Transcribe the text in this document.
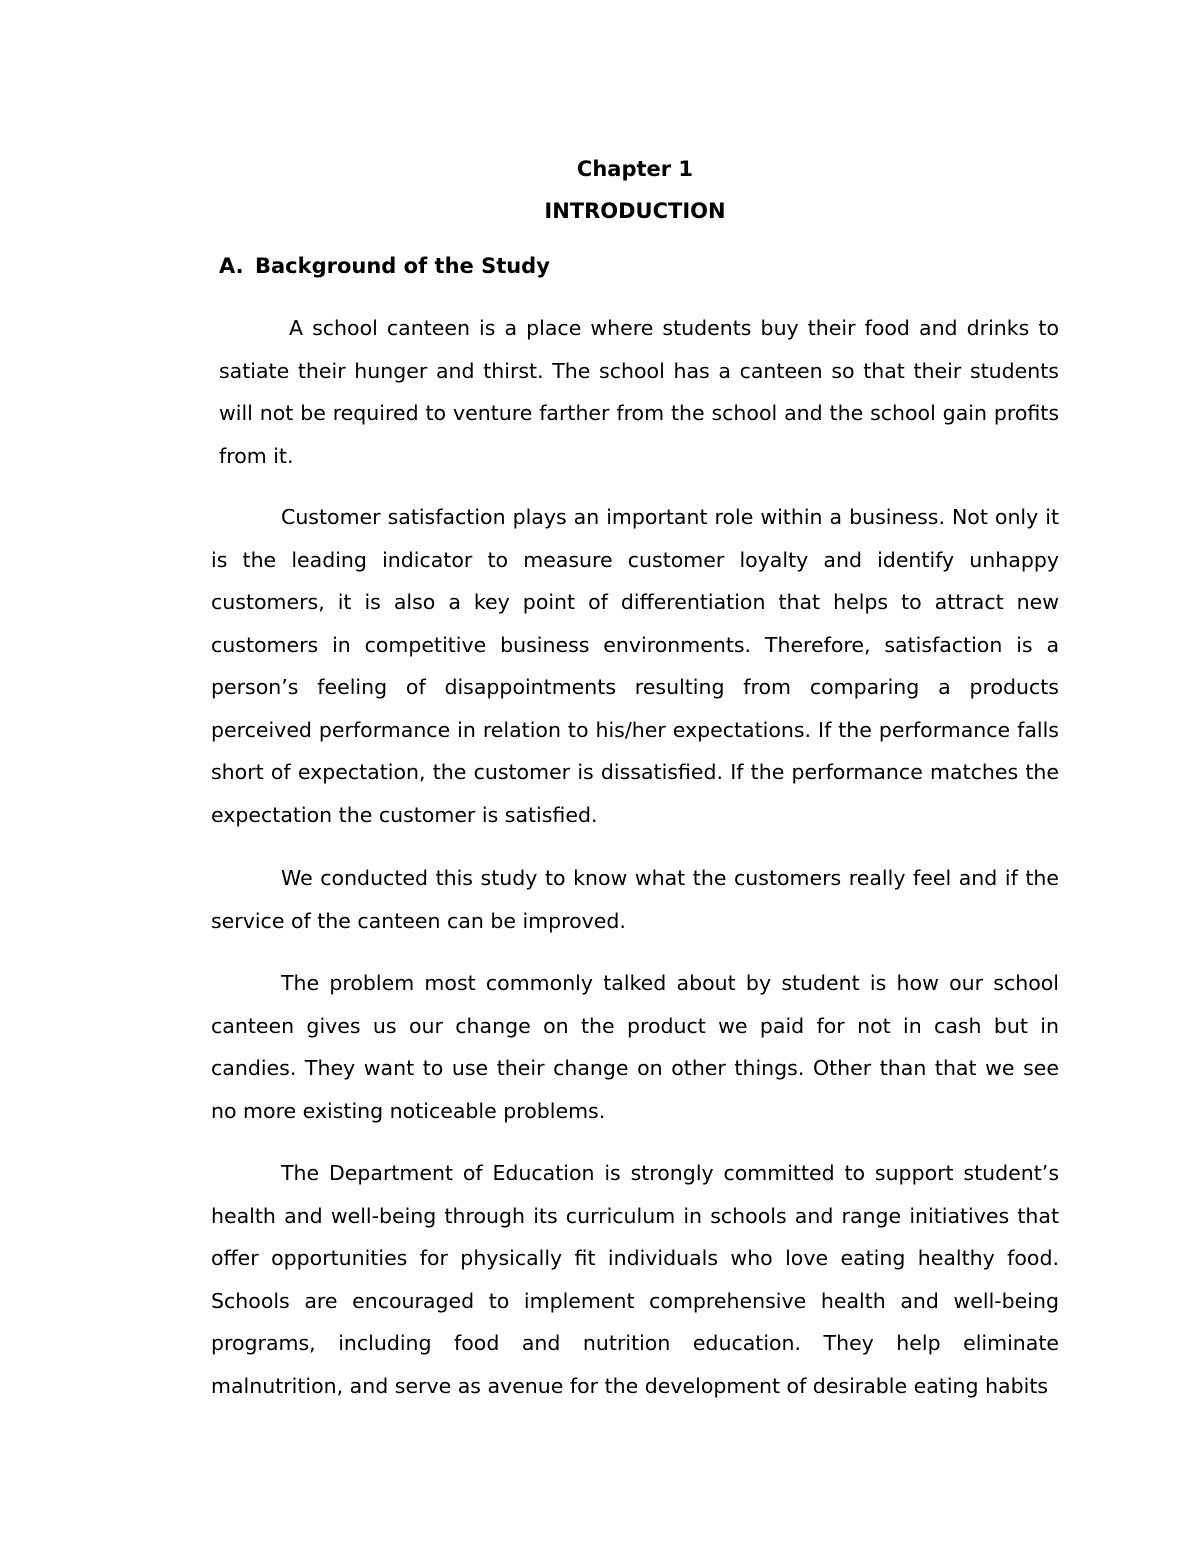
Chapter 1
INTRODUCTION
A. Background of the Study

A school canteen is a place where students buy their food and drinks to satiate their hunger and thirst. The school has a canteen so that their students will not be required to venture farther from the school and the school gain profits from it.

Customer satisfaction plays an important role within a business. Not only it is the leading indicator to measure customer loyalty and identify unhappy customers, it is also a key point of differentiation that helps to attract new customers in competitive business environments. Therefore, satisfaction is a person’s feeling of disappointments resulting from comparing a products perceived performance in relation to his/her expectations. If the performance falls short of expectation, the customer is dissatisfied. If the performance matches the expectation the customer is satisfied.

We conducted this study to know what the customers really feel and if the service of the canteen can be improved.

The problem most commonly talked about by student is how our school canteen gives us our change on the product we paid for not in cash but in candies. They want to use their change on other things. Other than that we see no more existing noticeable problems.

The Department of Education is strongly committed to support student’s health and well-being through its curriculum in schools and range initiatives that offer opportunities for physically fit individuals who love eating healthy food. Schools are encouraged to implement comprehensive health and well-being programs, including food and nutrition education. They help eliminate malnutrition, and serve as avenue for the development of desirable eating habits
